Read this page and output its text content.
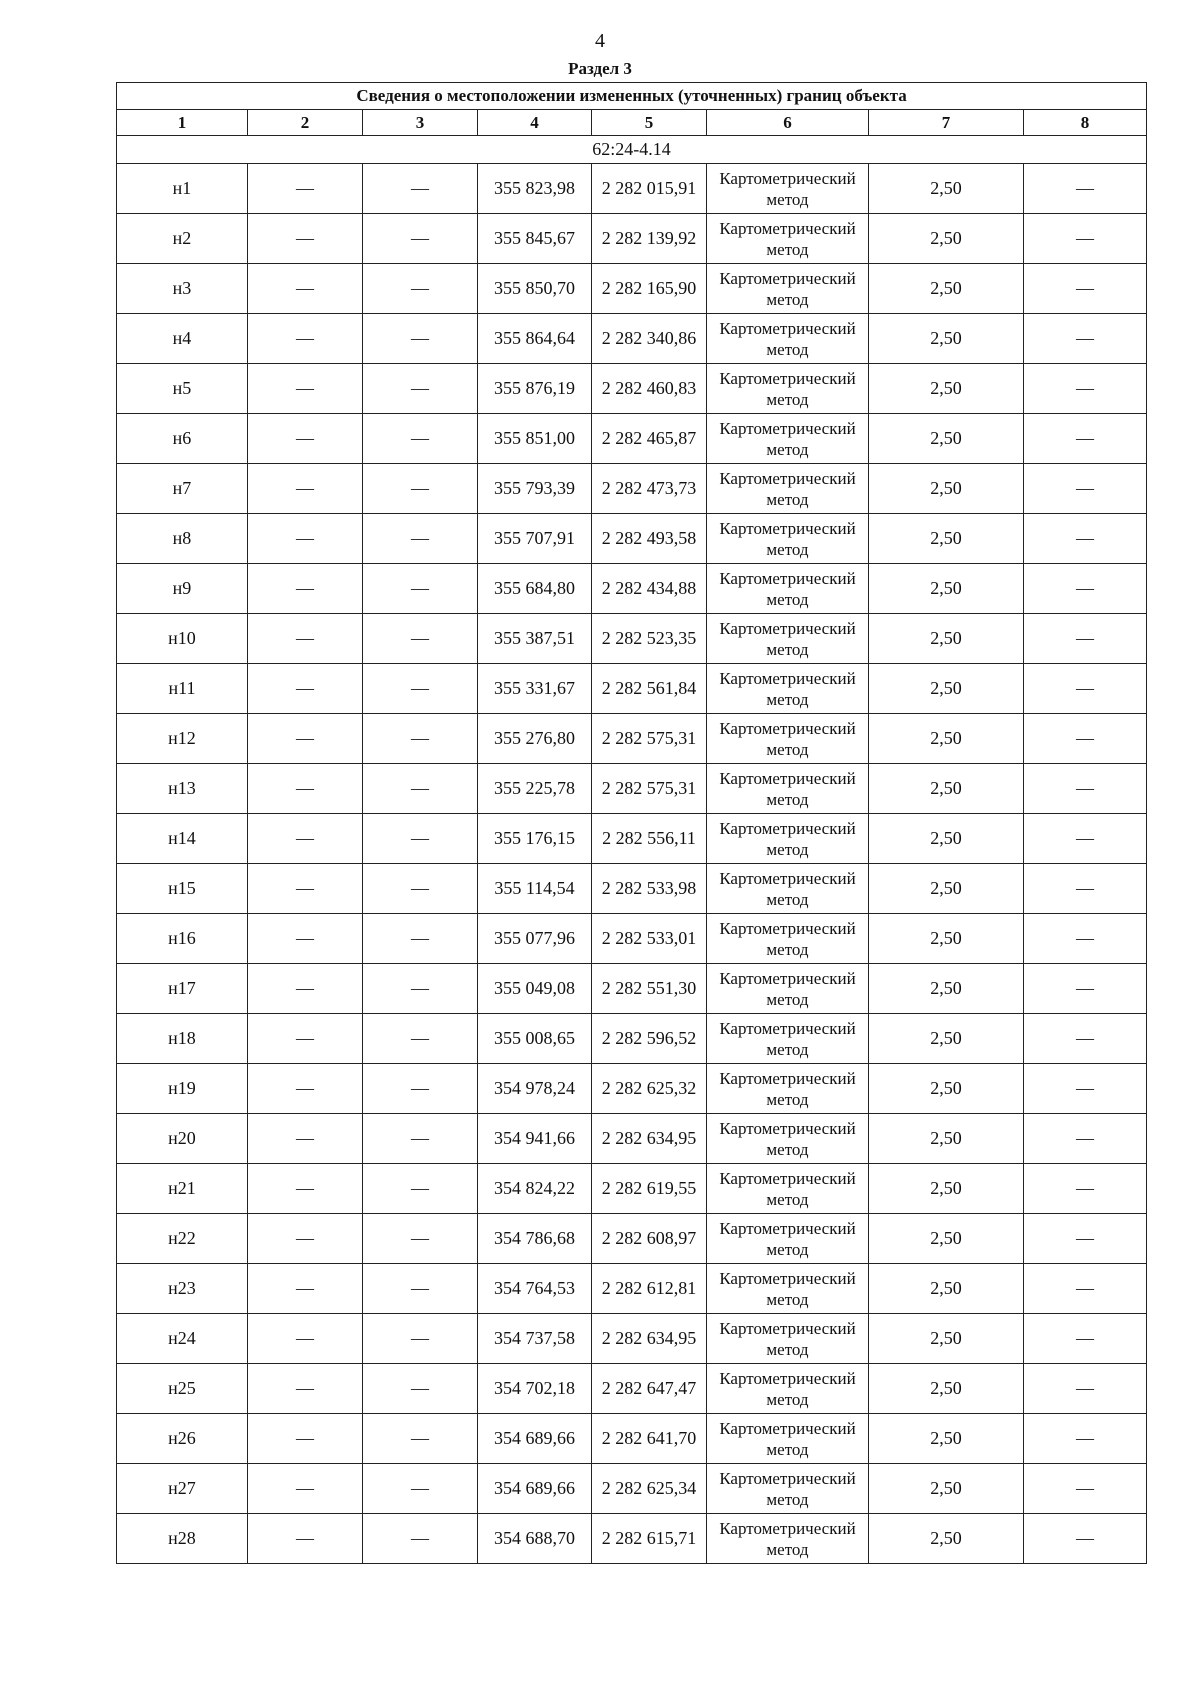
4
Раздел 3
Сведения о местоположении измененных (уточненных) границ объекта							
1	2	3	4	5	6	7	8
62:24-4.14							
н1	—	—	355 823,98	2 282 015,91	Картометрический метод	2,50	—
н2	—	—	355 845,67	2 282 139,92	Картометрический метод	2,50	—
н3	—	—	355 850,70	2 282 165,90	Картометрический метод	2,50	—
н4	—	—	355 864,64	2 282 340,86	Картометрический метод	2,50	—
н5	—	—	355 876,19	2 282 460,83	Картометрический метод	2,50	—
н6	—	—	355 851,00	2 282 465,87	Картометрический метод	2,50	—
н7	—	—	355 793,39	2 282 473,73	Картометрический метод	2,50	—
н8	—	—	355 707,91	2 282 493,58	Картометрический метод	2,50	—
н9	—	—	355 684,80	2 282 434,88	Картометрический метод	2,50	—
н10	—	—	355 387,51	2 282 523,35	Картометрический метод	2,50	—
н11	—	—	355 331,67	2 282 561,84	Картометрический метод	2,50	—
н12	—	—	355 276,80	2 282 575,31	Картометрический метод	2,50	—
н13	—	—	355 225,78	2 282 575,31	Картометрический метод	2,50	—
н14	—	—	355 176,15	2 282 556,11	Картометрический метод	2,50	—
н15	—	—	355 114,54	2 282 533,98	Картометрический метод	2,50	—
н16	—	—	355 077,96	2 282 533,01	Картометрический метод	2,50	—
н17	—	—	355 049,08	2 282 551,30	Картометрический метод	2,50	—
н18	—	—	355 008,65	2 282 596,52	Картометрический метод	2,50	—
н19	—	—	354 978,24	2 282 625,32	Картометрический метод	2,50	—
н20	—	—	354 941,66	2 282 634,95	Картометрический метод	2,50	—
н21	—	—	354 824,22	2 282 619,55	Картометрический метод	2,50	—
н22	—	—	354 786,68	2 282 608,97	Картометрический метод	2,50	—
н23	—	—	354 764,53	2 282 612,81	Картометрический метод	2,50	—
н24	—	—	354 737,58	2 282 634,95	Картометрический метод	2,50	—
н25	—	—	354 702,18	2 282 647,47	Картометрический метод	2,50	—
н26	—	—	354 689,66	2 282 641,70	Картометрический метод	2,50	—
н27	—	—	354 689,66	2 282 625,34	Картометрический метод	2,50	—
н28	—	—	354 688,70	2 282 615,71	Картометрический метод	2,50	—
